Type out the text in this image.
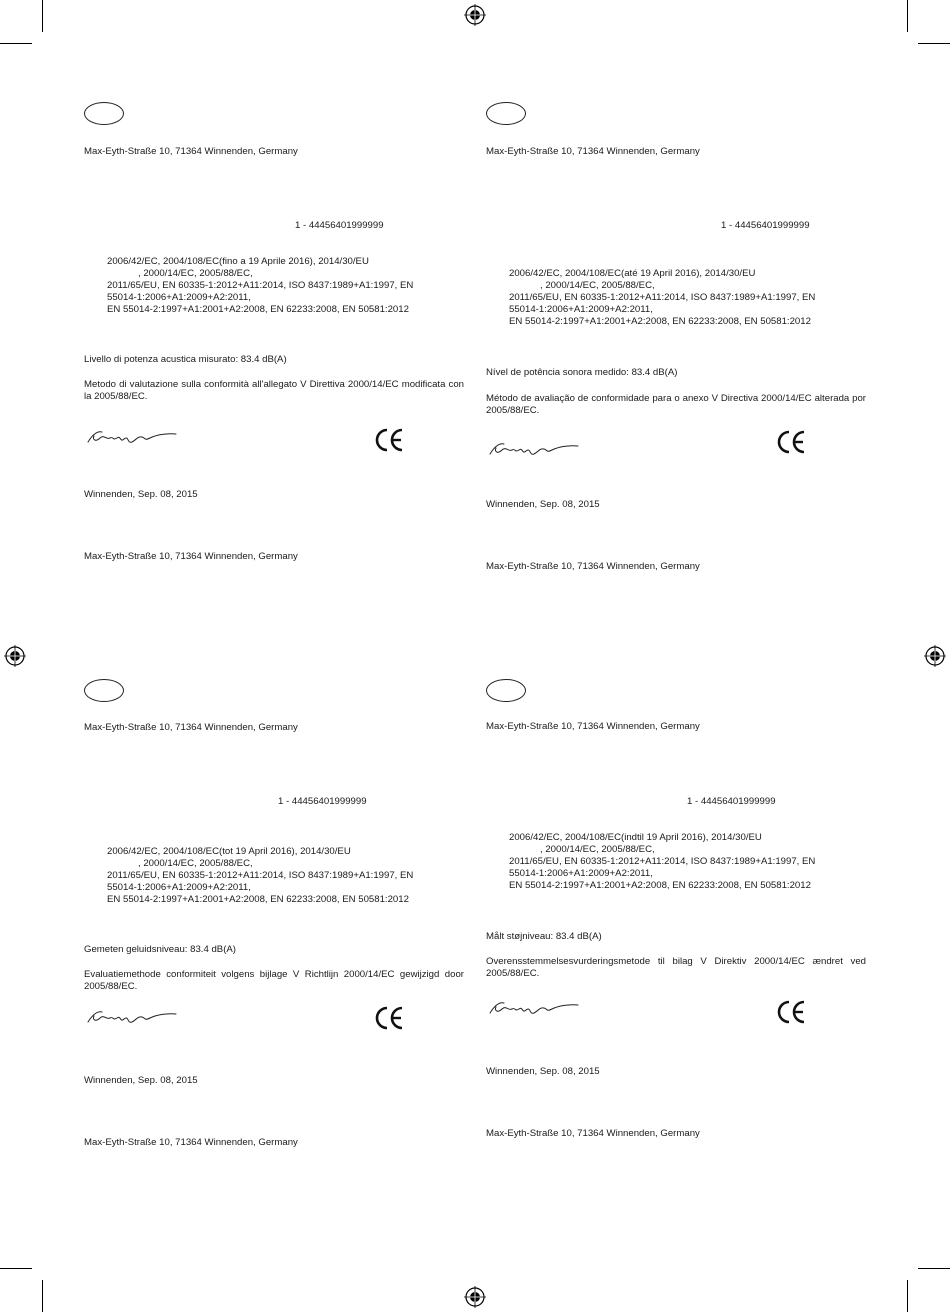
Max-Eyth-Straße 10, 71364 Winnenden, Germany
1 - 44456401999999
2006/42/EC, 2004/108/EC(fino a 19 Aprile 2016), 2014/30/EU
, 2000/14/EC, 2005/88/EC,
2011/65/EU, EN 60335-1:2012+A11:2014, ISO 8437:1989+A1:1997, EN
55014-1:2006+A1:2009+A2:2011,
EN 55014-2:1997+A1:2001+A2:2008, EN 62233:2008, EN 50581:2012
Livello di potenza acustica misurato: 83.4 dB(A)
Metodo di valutazione sulla conformità all'allegato V Direttiva 2000/14/EC modificata con la 2005/88/EC.
Winnenden, Sep. 08, 2015
Max-Eyth-Straße 10, 71364 Winnenden, Germany
Max-Eyth-Straße 10, 71364 Winnenden, Germany
1 - 44456401999999
2006/42/EC, 2004/108/EC(até 19 April 2016), 2014/30/EU
, 2000/14/EC, 2005/88/EC,
2011/65/EU, EN 60335-1:2012+A11:2014, ISO 8437:1989+A1:1997, EN
55014-1:2006+A1:2009+A2:2011,
EN 55014-2:1997+A1:2001+A2:2008, EN 62233:2008, EN 50581:2012
Nível de potência sonora medido: 83.4 dB(A)
Método de avaliação de conformidade para o anexo V Directiva 2000/14/EC alterada por 2005/88/EC.
Winnenden, Sep. 08, 2015
Max-Eyth-Straße 10, 71364 Winnenden, Germany
Max-Eyth-Straße 10, 71364 Winnenden, Germany
1 - 44456401999999
2006/42/EC, 2004/108/EC(tot 19 April 2016), 2014/30/EU
, 2000/14/EC, 2005/88/EC,
2011/65/EU, EN 60335-1:2012+A11:2014, ISO 8437:1989+A1:1997, EN
55014-1:2006+A1:2009+A2:2011,
EN 55014-2:1997+A1:2001+A2:2008, EN 62233:2008, EN 50581:2012
Gemeten geluidsniveau: 83.4 dB(A)
Evaluatiemethode conformiteit volgens bijlage V Richtlijn 2000/14/EC gewijzigd door 2005/88/EC.
Winnenden, Sep. 08, 2015
Max-Eyth-Straße 10, 71364 Winnenden, Germany
Max-Eyth-Straße 10, 71364 Winnenden, Germany
1 - 44456401999999
2006/42/EC, 2004/108/EC(indtil 19 April 2016), 2014/30/EU
, 2000/14/EC, 2005/88/EC,
2011/65/EU, EN 60335-1:2012+A11:2014, ISO 8437:1989+A1:1997, EN
55014-1:2006+A1:2009+A2:2011,
EN 55014-2:1997+A1:2001+A2:2008, EN 62233:2008, EN 50581:2012
Målt støjniveau: 83.4 dB(A)
Overensstemmelsesvurderingsmetode til bilag V Direktiv 2000/14/EC ændret ved 2005/88/EC.
Winnenden, Sep. 08, 2015
Max-Eyth-Straße 10, 71364 Winnenden, Germany
